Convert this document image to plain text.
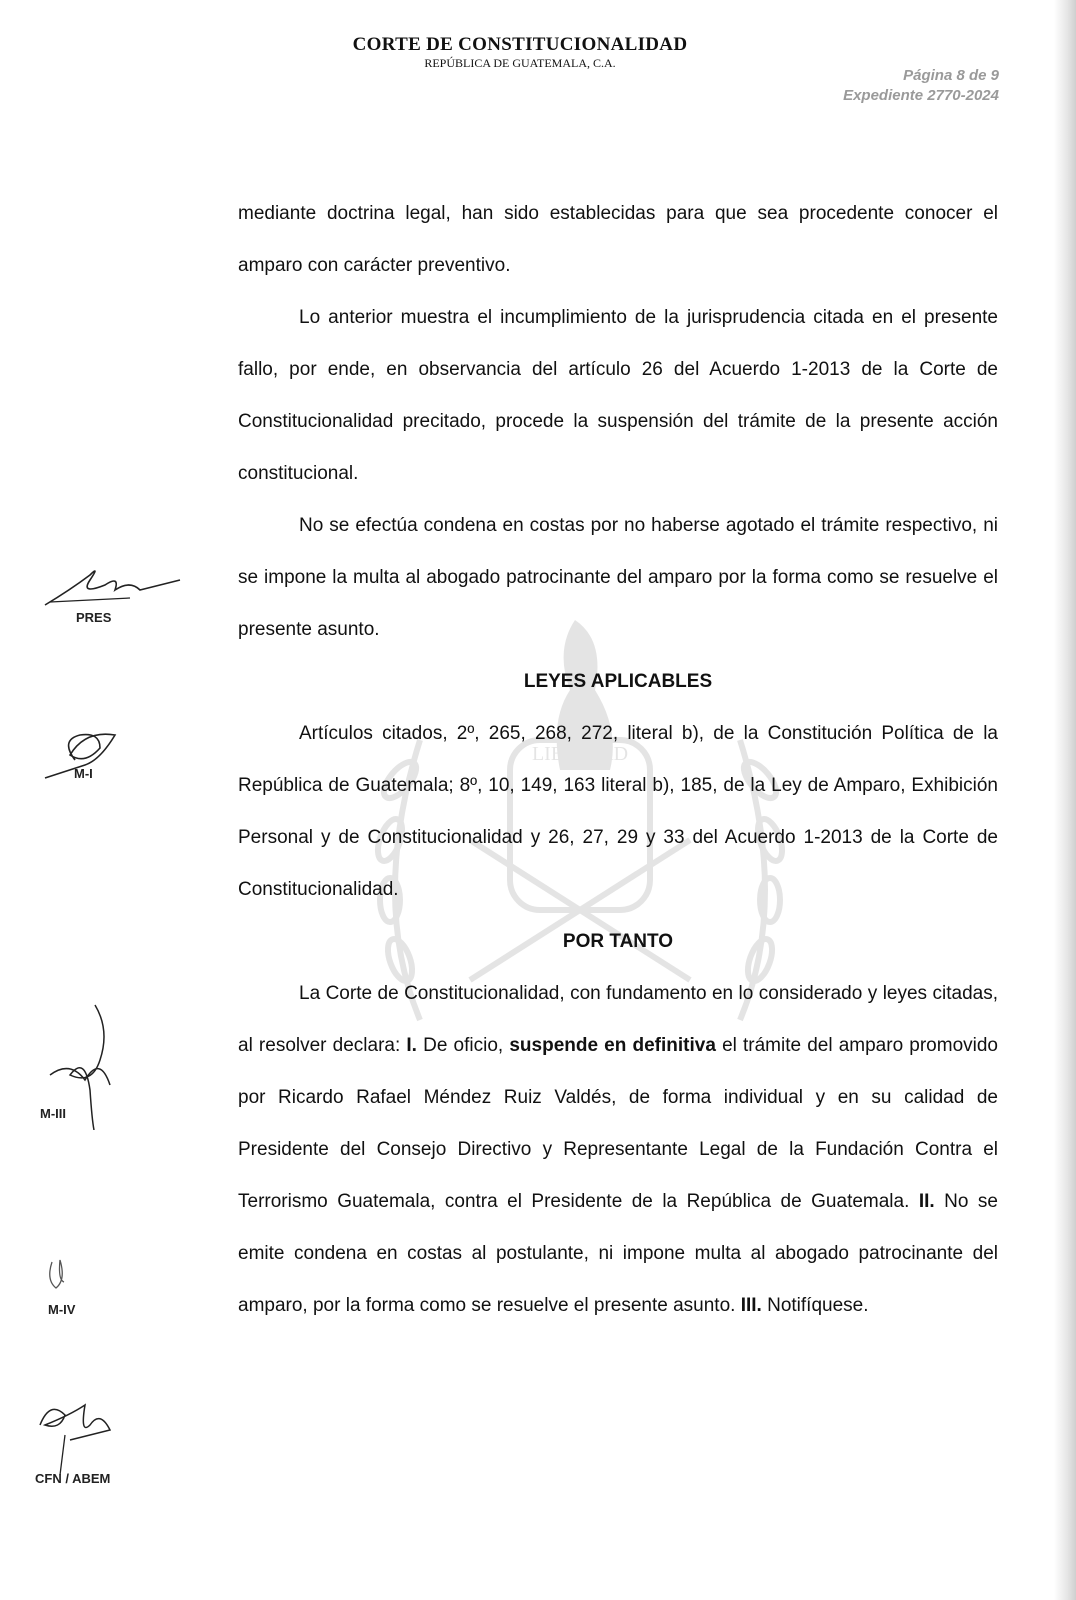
CORTE DE CONSTITUCIONALIDAD
REPÚBLICA DE GUATEMALA, C.A.
Página 8 de 9
Expediente 2770-2024
LIBERTAD

mediante doctrina legal, han sido establecidas para que sea procedente conocer el amparo con carácter preventivo.

Lo anterior muestra el incumplimiento de la jurisprudencia citada en el presente fallo, por ende, en observancia del artículo 26 del Acuerdo 1-2013 de la Corte de Constitucionalidad precitado, procede la suspensión del trámite de la presente acción constitucional.

No se efectúa condena en costas por no haberse agotado el trámite respectivo, ni se impone la multa al abogado patrocinante del amparo por la forma como se resuelve el presente asunto.

LEYES APLICABLES

Artículos citados, 2º, 265, 268, 272, literal b), de la Constitución Política de la República de Guatemala; 8º, 10, 149, 163 literal b), 185, de la Ley de Amparo, Exhibición Personal y de Constitucionalidad y 26, 27, 29 y 33 del Acuerdo 1-2013 de la Corte de Constitucionalidad.

POR TANTO

La Corte de Constitucionalidad, con fundamento en lo considerado y leyes citadas, al resolver declara: I. De oficio, suspende en definitiva el trámite del amparo promovido por Ricardo Rafael Méndez Ruiz Valdés, de forma individual y en su calidad de Presidente del Consejo Directivo y Representante Legal de la Fundación Contra el Terrorismo Guatemala, contra el Presidente de la República de Guatemala. II. No se emite condena en costas al postulante, ni impone multa al abogado patrocinante del amparo, por la forma como se resuelve el presente asunto. III. Notifíquese.

PRES
M-I
M-III
M-IV
CFN / ABEM
